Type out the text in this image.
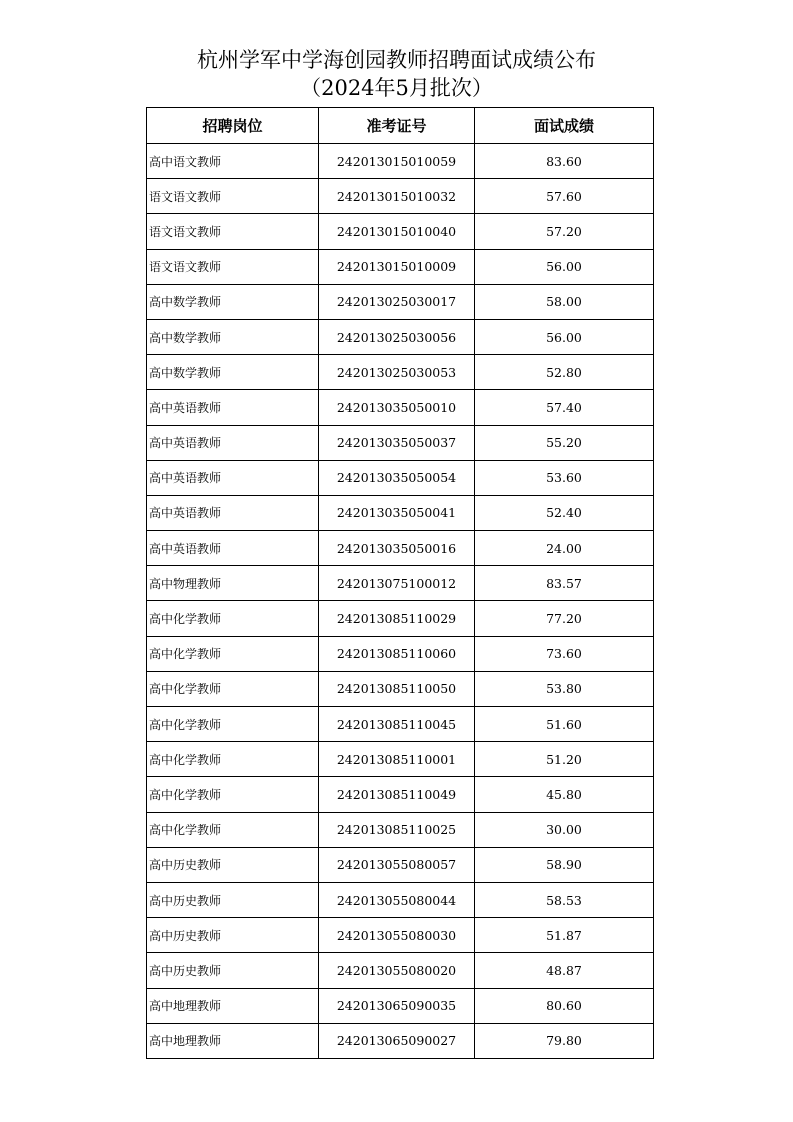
杭州学军中学海创园教师招聘面试成绩公布
（2024年5月批次）
招聘岗位	准考证号	面试成绩
高中语文教师	242013015010059	83.60
语文语文教师	242013015010032	57.60
语文语文教师	242013015010040	57.20
语文语文教师	242013015010009	56.00
高中数学教师	242013025030017	58.00
高中数学教师	242013025030056	56.00
高中数学教师	242013025030053	52.80
高中英语教师	242013035050010	57.40
高中英语教师	242013035050037	55.20
高中英语教师	242013035050054	53.60
高中英语教师	242013035050041	52.40
高中英语教师	242013035050016	24.00
高中物理教师	242013075100012	83.57
高中化学教师	242013085110029	77.20
高中化学教师	242013085110060	73.60
高中化学教师	242013085110050	53.80
高中化学教师	242013085110045	51.60
高中化学教师	242013085110001	51.20
高中化学教师	242013085110049	45.80
高中化学教师	242013085110025	30.00
高中历史教师	242013055080057	58.90
高中历史教师	242013055080044	58.53
高中历史教师	242013055080030	51.87
高中历史教师	242013055080020	48.87
高中地理教师	242013065090035	80.60
高中地理教师	242013065090027	79.80
